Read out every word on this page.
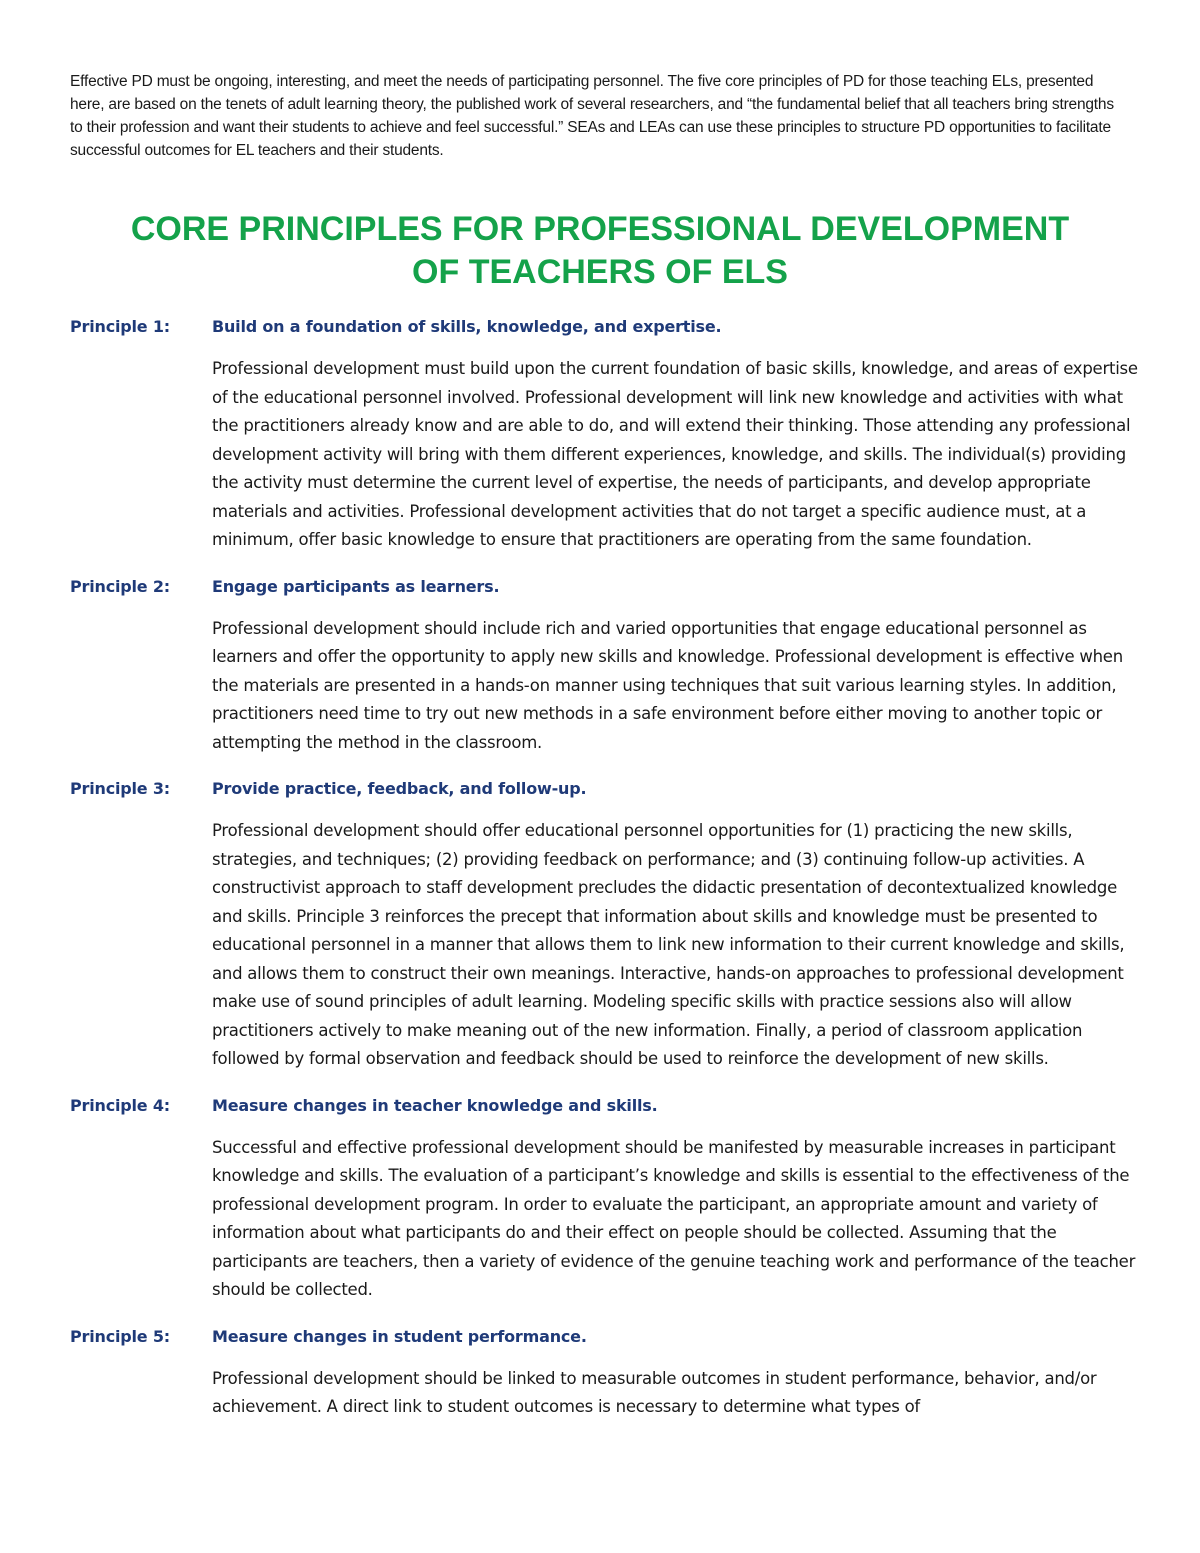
Effective PD must be ongoing, interesting, and meet the needs of participating personnel. The five core principles of PD for those teaching ELs, presented here, are based on the tenets of adult learning theory, the published work of several researchers, and “the fundamental belief that all teachers bring strengths to their profession and want their students to achieve and feel successful.” SEAs and LEAs can use these principles to structure PD opportunities to facilitate successful outcomes for EL teachers and their students.

CORE PRINCIPLES FOR PROFESSIONAL DEVELOPMENT
OF TEACHERS OF ELS
Principle 1:	Build on a foundation of skills, knowledge, and expertise.

Professional development must build upon the current foundation of basic skills, knowledge, and areas of expertise of the educational personnel involved. Professional development will link new knowledge and activities with what the practitioners already know and are able to do, and will extend their thinking. Those attending any professional development activity will bring with them different experiences, knowledge, and skills. The individual(s) providing the activity must determine the current level of expertise, the needs of participants, and develop appropriate materials and activities. Professional development activities that do not target a specific audience must, at a minimum, offer basic knowledge to ensure that practitioners are operating from the same foundation.

Principle 2:	Engage participants as learners.

Professional development should include rich and varied opportunities that engage educational personnel as learners and offer the opportunity to apply new skills and knowledge. Professional development is effective when the materials are presented in a hands-on manner using techniques that suit various learning styles. In addition, practitioners need time to try out new methods in a safe environment before either moving to another topic or attempting the method in the classroom.

Principle 3:	Provide practice, feedback, and follow-up.

Professional development should offer educational personnel opportunities for (1) practicing the new skills, strategies, and techniques; (2) providing feedback on performance; and (3) continuing follow-up activities. A constructivist approach to staff development precludes the didactic presentation of decontextualized knowledge and skills. Principle 3 reinforces the precept that information about skills and knowledge must be presented to educational personnel in a manner that allows them to link new information to their current knowledge and skills, and allows them to construct their own meanings. Interactive, hands-on approaches to professional development make use of sound principles of adult learning. Modeling specific skills with practice sessions also will allow practitioners actively to make meaning out of the new information. Finally, a period of classroom application followed by formal observation and feedback should be used to reinforce the development of new skills.

Principle 4:	Measure changes in teacher knowledge and skills.

Successful and effective professional development should be manifested by measurable increases in participant knowledge and skills. The evaluation of a participant’s knowledge and skills is essential to the effectiveness of the professional development program. In order to evaluate the participant, an appropriate amount and variety of information about what participants do and their effect on people should be collected. Assuming that the participants are teachers, then a variety of evidence of the genuine teaching work and performance of the teacher should be collected.

Principle 5:	Measure changes in student performance.

Professional development should be linked to measurable outcomes in student performance, behavior, and/or achievement. A direct link to student outcomes is necessary to determine what types of
